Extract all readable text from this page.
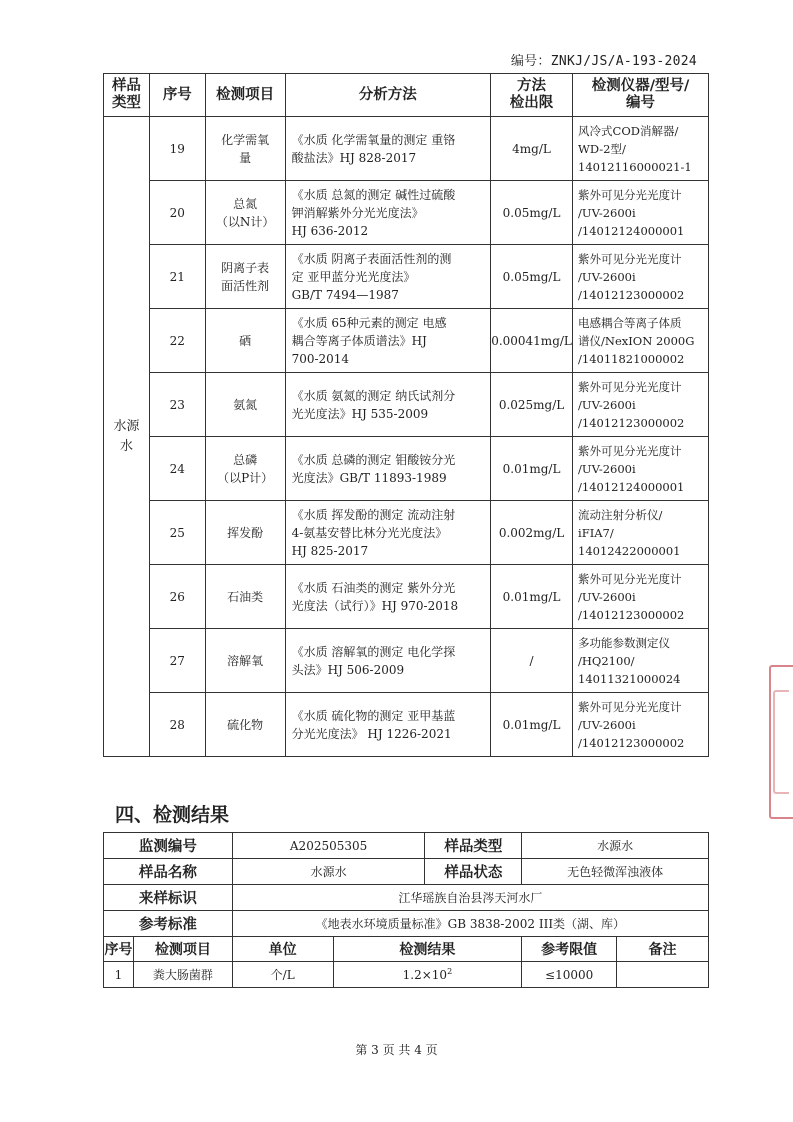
编号：ZNKJ/JS/A-193-2024
样品
类型	序号	检测项目	分析方法	方法
检出限	检测仪器/型号/
编号
水源
水	19	化学需氧
量	《水质 化学需氧量的测定 重铬
酸盐法》HJ 828-2017	4mg/L	风冷式COD消解器/
WD-2型/
14012116000021-1
	20	总氮
（以N计）	《水质 总氮的测定 碱性过硫酸
钾消解紫外分光光度法》
HJ 636-2012	0.05mg/L	紫外可见分光光度计
/UV-2600i
/14012124000001
	21	阴离子表
面活性剂	《水质 阴离子表面活性剂的测
定 亚甲蓝分光光度法》
GB/T 7494—1987	0.05mg/L	紫外可见分光光度计
/UV-2600i
/14012123000002
	22	硒	《水质 65种元素的测定 电感
耦合等离子体质谱法》HJ
700-2014	0.00041mg/L	电感耦合等离子体质
谱仪/NexION 2000G
/14011821000002
	23	氨氮	《水质 氨氮的测定 纳氏试剂分
光光度法》HJ 535-2009	0.025mg/L	紫外可见分光光度计
/UV-2600i
/14012123000002
	24	总磷
（以P计）	《水质 总磷的测定 钼酸铵分光
光度法》GB/T 11893-1989	0.01mg/L	紫外可见分光光度计
/UV-2600i
/14012124000001
	25	挥发酚	《水质 挥发酚的测定 流动注射
4-氨基安替比林分光光度法》
HJ 825-2017	0.002mg/L	流动注射分析仪/
iFIA7/
14012422000001
	26	石油类	《水质 石油类的测定 紫外分光
光度法（试行）》HJ 970-2018	0.01mg/L	紫外可见分光光度计
/UV-2600i
/14012123000002
	27	溶解氧	《水质 溶解氧的测定 电化学探
头法》HJ 506-2009	/	多功能参数测定仪
/HQ2100/
14011321000024
	28	硫化物	《水质 硫化物的测定 亚甲基蓝
分光光度法》 HJ 1226-2021	0.01mg/L	紫外可见分光光度计
/UV-2600i
/14012123000002
四、检测结果
监测编号		A202505305		样品类型	水源水	
样品名称		水源水		样品状态	无色轻微浑浊液体	
来样标识		江华瑶族自治县涔天河水厂				
参考标准		《地表水环境质量标准》GB 3838-2002 III类（湖、库）				
序号	检测项目	单位	检测结果		参考限值	备注
1	粪大肠菌群	个/L	$1.2\times 10^2$		≤10000	
第 3 页 共 4 页
